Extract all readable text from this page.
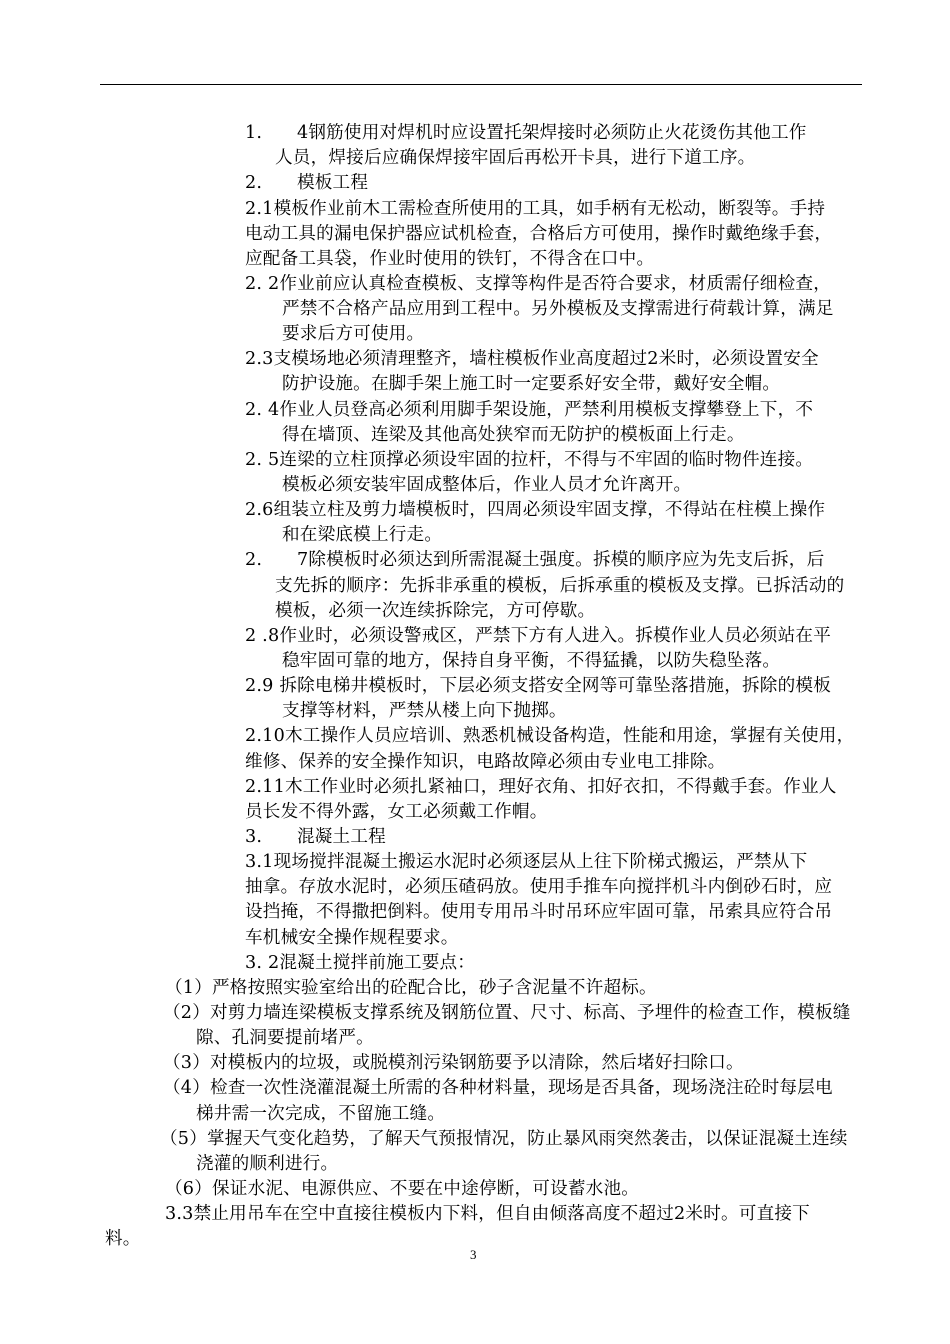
1.      4钢筋使用对焊机时应设置托架焊接时必须防止火花烫伤其他工作
人员，焊接后应确保焊接牢固后再松开卡具，进行下道工序。
2.      模板工程
2.1模板作业前木工需检查所使用的工具，如手柄有无松动，断裂等。手持
电动工具的漏电保护器应试机检查，合格后方可使用，操作时戴绝缘手套，
应配备工具袋，作业时使用的铁钉，不得含在口中。
2. 2作业前应认真检查模板、支撑等构件是否符合要求，材质需仔细检查，
严禁不合格产品应用到工程中。另外模板及支撑需进行荷载计算，满足
要求后方可使用。
2.3支模场地必须清理整齐，墙柱模板作业高度超过2米时，必须设置安全
防护设施。在脚手架上施工时一定要系好安全带，戴好安全帽。
2. 4作业人员登高必须利用脚手架设施，严禁利用模板支撑攀登上下，不
得在墙顶、连梁及其他高处狭窄而无防护的模板面上行走。
2. 5连梁的立柱顶撑必须设牢固的拉杆，不得与不牢固的临时物件连接。
模板必须安装牢固成整体后，作业人员才允许离开。
2.6组装立柱及剪力墙模板时，四周必须设牢固支撑，不得站在柱模上操作
和在梁底模上行走。
2.      7除模板时必须达到所需混凝土强度。拆模的顺序应为先支后拆，后
支先拆的顺序：先拆非承重的模板，后拆承重的模板及支撑。已拆活动的
模板，必须一次连续拆除完，方可停歇。
2 .8作业时，必须设警戒区，严禁下方有人进入。拆模作业人员必须站在平
稳牢固可靠的地方，保持自身平衡，不得猛撬，以防失稳坠落。
2.9 拆除电梯井模板时，下层必须支搭安全网等可靠坠落措施，拆除的模板
支撑等材料，严禁从楼上向下抛掷。
2.10木工操作人员应培训、熟悉机械设备构造，性能和用途，掌握有关使用，
维修、保养的安全操作知识，电路故障必须由专业电工排除。
2.11木工作业时必须扎紧袖口，理好衣角、扣好衣扣，不得戴手套。作业人
员长发不得外露，女工必须戴工作帽。
3.      混凝土工程
3.1现场搅拌混凝土搬运水泥时必须逐层从上往下阶梯式搬运，严禁从下
抽拿。存放水泥时，必须压碴码放。使用手推车向搅拌机斗内倒砂石时，应
设挡掩，不得撒把倒料。使用专用吊斗时吊环应牢固可靠，吊索具应符合吊
车机械安全操作规程要求。
3. 2混凝土搅拌前施工要点：
（1）严格按照实验室给出的砼配合比，砂子含泥量不许超标。
（2）对剪力墙连梁模板支撑系统及钢筋位置、尺寸、标高、予埋件的检查工作，模板缝
隙、孔洞要提前堵严。
（3）对模板内的垃圾，或脱模剂污染钢筋要予以清除，然后堵好扫除口。
（4）检查一次性浇灌混凝土所需的各种材料量，现场是否具备，现场浇注砼时每层电
梯井需一次完成，不留施工缝。
（5）掌握天气变化趋势，了解天气预报情况，防止暴风雨突然袭击，以保证混凝土连续
浇灌的顺利进行。
（6）保证水泥、电源供应、不要在中途停断，可设蓄水池。
3.3禁止用吊车在空中直接往模板内下料，但自由倾落高度不超过2米时。可直接下
料。
3
